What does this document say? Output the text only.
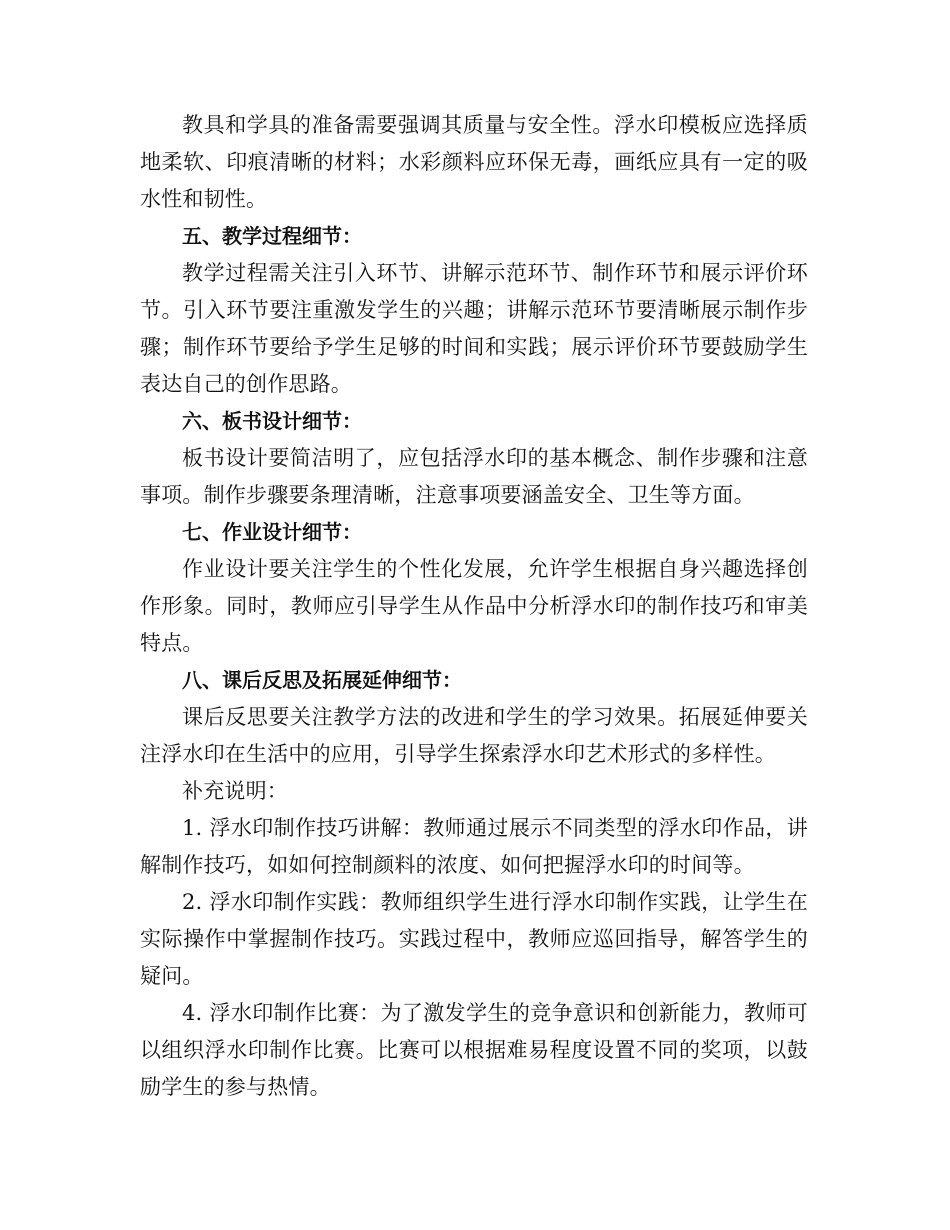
教具和学具的准备需要强调其质量与安全性。浮水印模板应选择质地柔软、印痕清晰的材料；水彩颜料应环保无毒，画纸应具有一定的吸水性和韧性。

五、教学过程细节：

教学过程需关注引入环节、讲解示范环节、制作环节和展示评价环节。引入环节要注重激发学生的兴趣；讲解示范环节要清晰展示制作步骤；制作环节要给予学生足够的时间和实践；展示评价环节要鼓励学生表达自己的创作思路。

六、板书设计细节：

板书设计要简洁明了，应包括浮水印的基本概念、制作步骤和注意事项。制作步骤要条理清晰，注意事项要涵盖安全、卫生等方面。

七、作业设计细节：

作业设计要关注学生的个性化发展，允许学生根据自身兴趣选择创作形象。同时，教师应引导学生从作品中分析浮水印的制作技巧和审美特点。

八、课后反思及拓展延伸细节：

课后反思要关注教学方法的改进和学生的学习效果。拓展延伸要关注浮水印在生活中的应用，引导学生探索浮水印艺术形式的多样性。

补充说明：

1. 浮水印制作技巧讲解：教师通过展示不同类型的浮水印作品，讲解制作技巧，如如何控制颜料的浓度、如何把握浮水印的时间等。

2. 浮水印制作实践：教师组织学生进行浮水印制作实践，让学生在实际操作中掌握制作技巧。实践过程中，教师应巡回指导，解答学生的疑问。

4. 浮水印制作比赛：为了激发学生的竞争意识和创新能力，教师可以组织浮水印制作比赛。比赛可以根据难易程度设置不同的奖项，以鼓励学生的参与热情。
